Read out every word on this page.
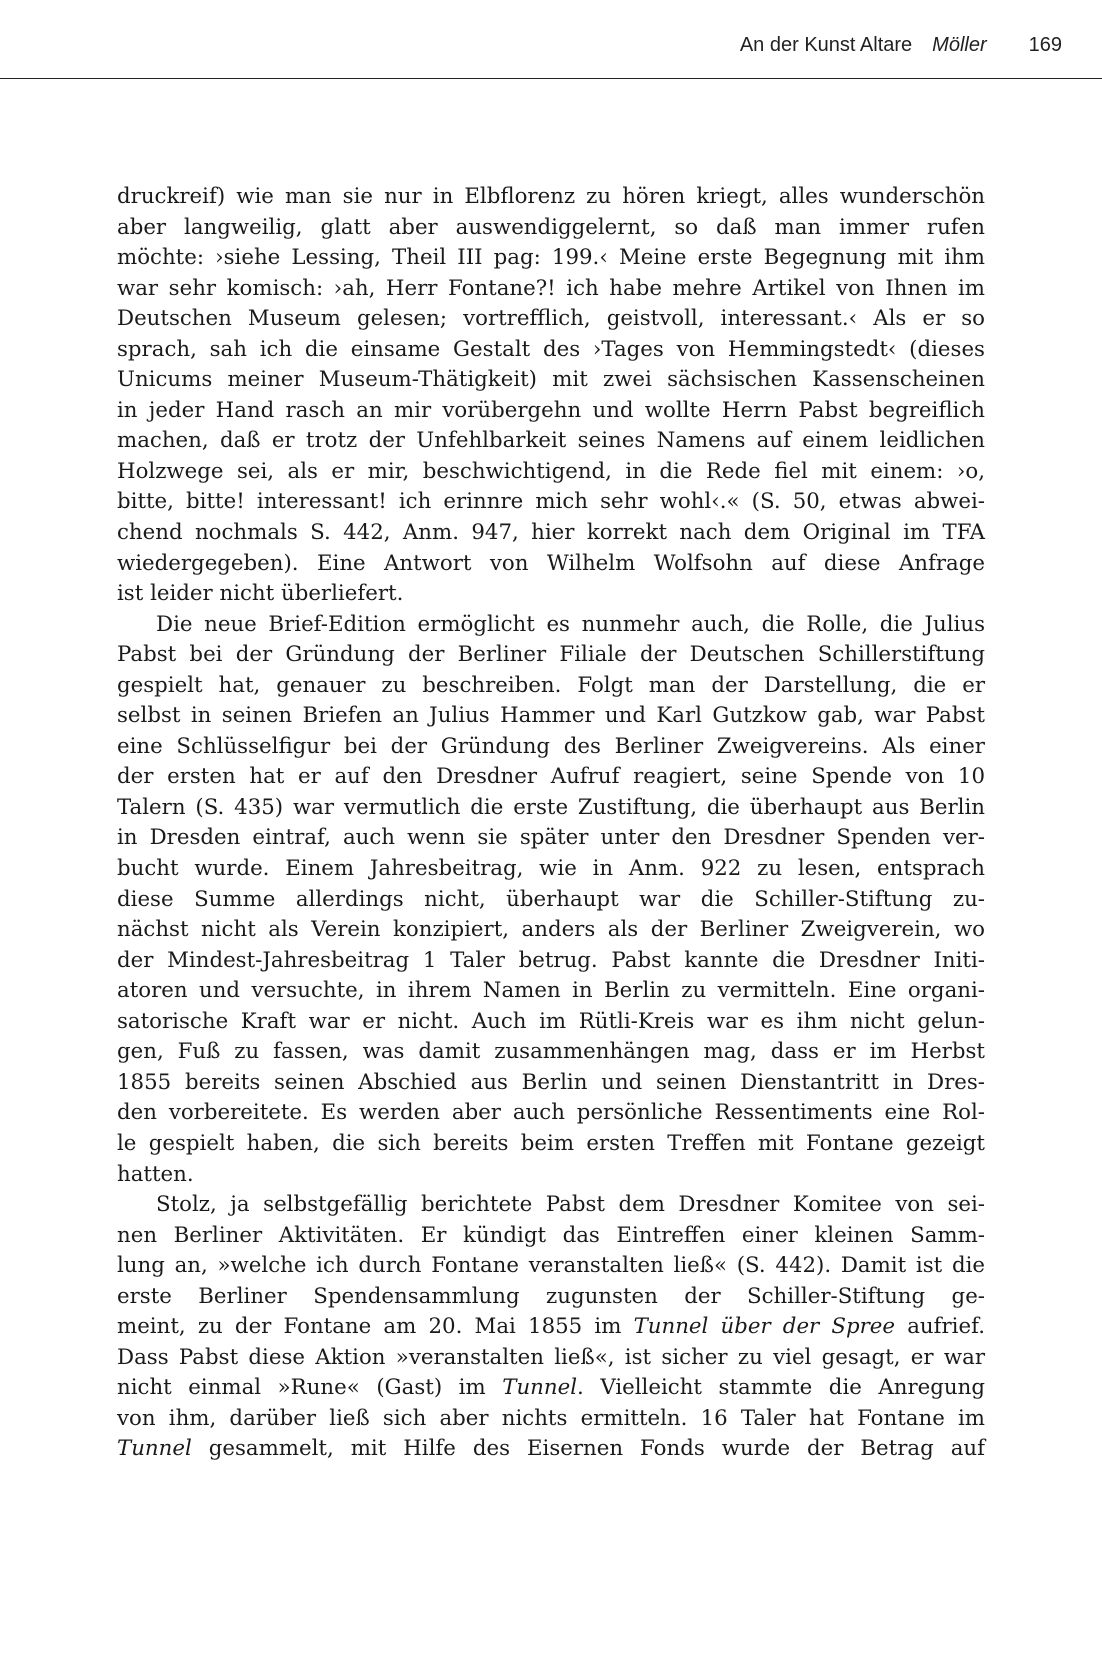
An der Kunst Altare Möller 169
druckreif) wie man sie nur in Elbflorenz zu hören kriegt, alles wunderschön
aber langweilig, glatt aber auswendiggelernt, so daß man immer rufen
möchte: ›siehe Lessing, Theil III pag: 199.‹ Meine erste Begegnung mit ihm
war sehr komisch: ›ah, Herr Fontane?! ich habe mehre Artikel von Ihnen im
Deutschen Museum gelesen; vortrefflich, geistvoll, interessant.‹ Als er so
sprach, sah ich die einsame Gestalt des ›Tages von Hemmingstedt‹ (dieses
Unicums meiner Museum-Thätigkeit) mit zwei sächsischen Kassenscheinen
in jeder Hand rasch an mir vorübergehn und wollte Herrn Pabst begreiflich
machen, daß er trotz der Unfehlbarkeit seines Namens auf einem leidlichen
Holzwege sei, als er mir, beschwichtigend, in die Rede fiel mit einem: ›o,
bitte, bitte! interessant! ich erinnre mich sehr wohl‹.« (S. 50, etwas abwei-
chend nochmals S. 442, Anm. 947, hier korrekt nach dem Original im TFA
wiedergegeben). Eine Antwort von Wilhelm Wolfsohn auf diese Anfrage
ist leider nicht überliefert.
Die neue Brief-Edition ermöglicht es nunmehr auch, die Rolle, die Julius
Pabst bei der Gründung der Berliner Filiale der Deutschen Schillerstiftung
gespielt hat, genauer zu beschreiben. Folgt man der Darstellung, die er
selbst in seinen Briefen an Julius Hammer und Karl Gutzkow gab, war Pabst
eine Schlüsselfigur bei der Gründung des Berliner Zweigvereins. Als einer
der ersten hat er auf den Dresdner Aufruf reagiert, seine Spende von 10
Talern (S. 435) war vermutlich die erste Zustiftung, die überhaupt aus Berlin
in Dresden eintraf, auch wenn sie später unter den Dresdner Spenden ver-
bucht wurde. Einem Jahresbeitrag, wie in Anm. 922 zu lesen, entsprach
diese Summe allerdings nicht, überhaupt war die Schiller-Stiftung zu-
nächst nicht als Verein konzipiert, anders als der Berliner Zweigverein, wo
der Mindest-Jahresbeitrag 1 Taler betrug. Pabst kannte die Dresdner Initi-
atoren und versuchte, in ihrem Namen in Berlin zu vermitteln. Eine organi-
satorische Kraft war er nicht. Auch im Rütli-Kreis war es ihm nicht gelun-
gen, Fuß zu fassen, was damit zusammenhängen mag, dass er im Herbst
1855 bereits seinen Abschied aus Berlin und seinen Dienstantritt in Dres-
den vorbereitete. Es werden aber auch persönliche Ressentiments eine Rol-
le gespielt haben, die sich bereits beim ersten Treffen mit Fontane gezeigt
hatten.
Stolz, ja selbstgefällig berichtete Pabst dem Dresdner Komitee von sei-
nen Berliner Aktivitäten. Er kündigt das Eintreffen einer kleinen Samm-
lung an, »welche ich durch Fontane veranstalten ließ« (S. 442). Damit ist die
erste Berliner Spendensammlung zugunsten der Schiller-Stiftung ge-
meint, zu der Fontane am 20. Mai 1855 im Tunnel über der Spree aufrief.
Dass Pabst diese Aktion »veranstalten ließ«, ist sicher zu viel gesagt, er war
nicht einmal »Rune« (Gast) im Tunnel. Vielleicht stammte die Anregung
von ihm, darüber ließ sich aber nichts ermitteln. 16 Taler hat Fontane im
Tunnel gesammelt, mit Hilfe des Eisernen Fonds wurde der Betrag auf
